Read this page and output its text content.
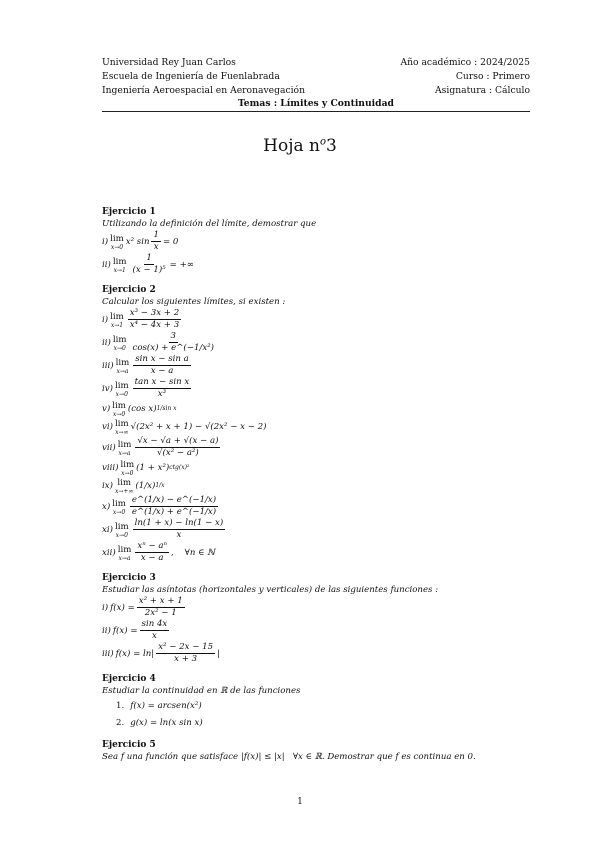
Universidad Rey Juan Carlos	Año académico : 2024/2025
Escuela de Ingeniería de Fuenlabrada	Curso : Primero
Ingeniería Aeroespacial en Aeronavegación	Asignatura : Cálculo
Temas : Límites y Continuidad
Hoja $n^o3$
Ejercicio 1
Utilizando la definición del límite, demostrar que
i) lim
x→0
x² $\sin \frac{1}{x} = 0$
ii) lim
$x\to 1 \frac{1}{\text{(x − 1)⁵}}$ = +∞
Ejercicio 2
Calcular los siguientes límites, si existen :
i) lim
$x\to 1 \frac{\text{x³ − 3x + 2}}{\text{x⁴ − 4x + 3}}$
ii) lim
$x\to 0 \frac{3}{\text{cos(x) + e\textasciicircum{}(−1/x²)}}$
iii) lim
$x\to a \frac{\text{sin x − sin a}}{x - a}$
iv) lim
$x\to 0 \frac{\text{tan x − sin x}}{\text{x³}}$
v) lim
x→0
(cos x) 1/sin x
vi) lim
x→∞
√(2x² + x + 1) − √(2x² − x − 2)
vii) lim
$x\to a \frac{√x - √a + √(x - a)}{\text{√(x² − a²)}}$
viii) lim
x→0
(1 + x²) ctg(x)²
ix) lim
x→+∞
(1/x) 1/x
x) lim
$x\to 0 \frac{e\^{}(1/x) - e\^{}(-1/x)}{e\^{}(1/x) + e\^{}(-1/x)}$
xi) lim
$x\to 0 \frac{\ln(1 + x) - \ln(1 - x)}{x}$
xii) lim
$x\to a \frac{\text{xⁿ − aⁿ}}{x - a}$ ,    ∀n ∈ ℕ
Ejercicio 3
Estudiar las asíntotas (horizontales y verticales) de las siguientes funciones :
i) $f(x) = \frac{\text{x² + x + 1}}{\text{2x² − 1}}$
ii) $f(x) = \frac{\sin 4x}{x}$
iii) $f(x) = \ln| \frac{\text{x² − 2x − 15}}{x + 3}$ |
Ejercicio 4
Estudiar la continuidad en ℝ de las funciones
1. f(x) = arcsen(x²)
2. g(x) = ln(x sin x)
Ejercicio 5
Sea f una función que satisface |f(x)| ≤ |x|   ∀x ∈ ℝ. Demostrar que f es continua en 0.
1
